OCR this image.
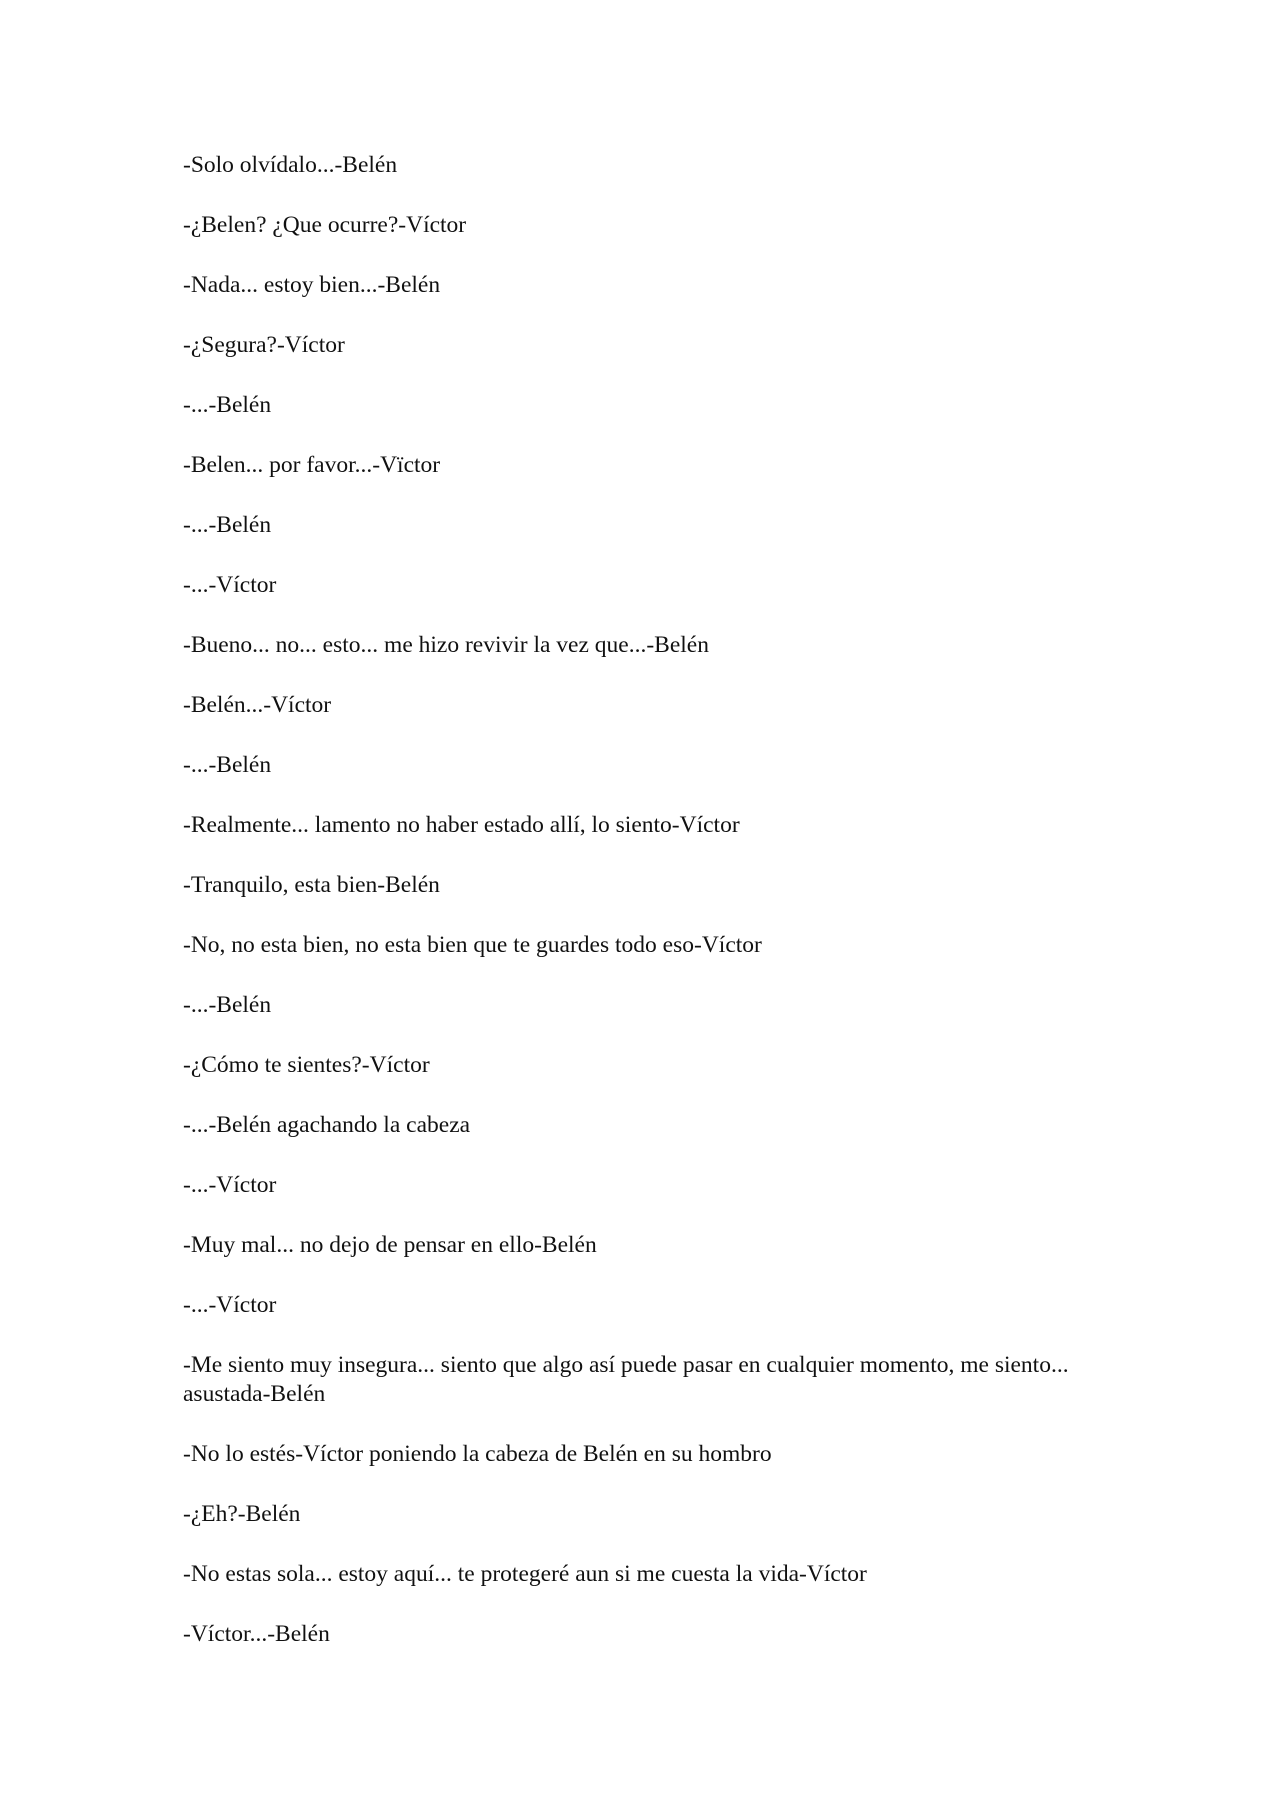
-Solo olvídalo...-Belén

-¿Belen? ¿Que ocurre?-Víctor

-Nada... estoy bien...-Belén

-¿Segura?-Víctor

-...-Belén

-Belen... por favor...-Vïctor

-...-Belén

-...-Víctor

-Bueno... no... esto... me hizo revivir la vez que...-Belén

-Belén...-Víctor

-...-Belén

-Realmente... lamento no haber estado allí, lo siento-Víctor

-Tranquilo, esta bien-Belén

-No, no esta bien, no esta bien que te guardes todo eso-Víctor

-...-Belén

-¿Cómo te sientes?-Víctor

-...-Belén agachando la cabeza

-...-Víctor

-Muy mal... no dejo de pensar en ello-Belén

-...-Víctor

-Me siento muy insegura... siento que algo así puede pasar en cualquier momento, me siento... asustada-Belén

-No lo estés-Víctor poniendo la cabeza de Belén en su hombro

-¿Eh?-Belén

-No estas sola... estoy aquí... te protegeré aun si me cuesta la vida-Víctor

-Víctor...-Belén
